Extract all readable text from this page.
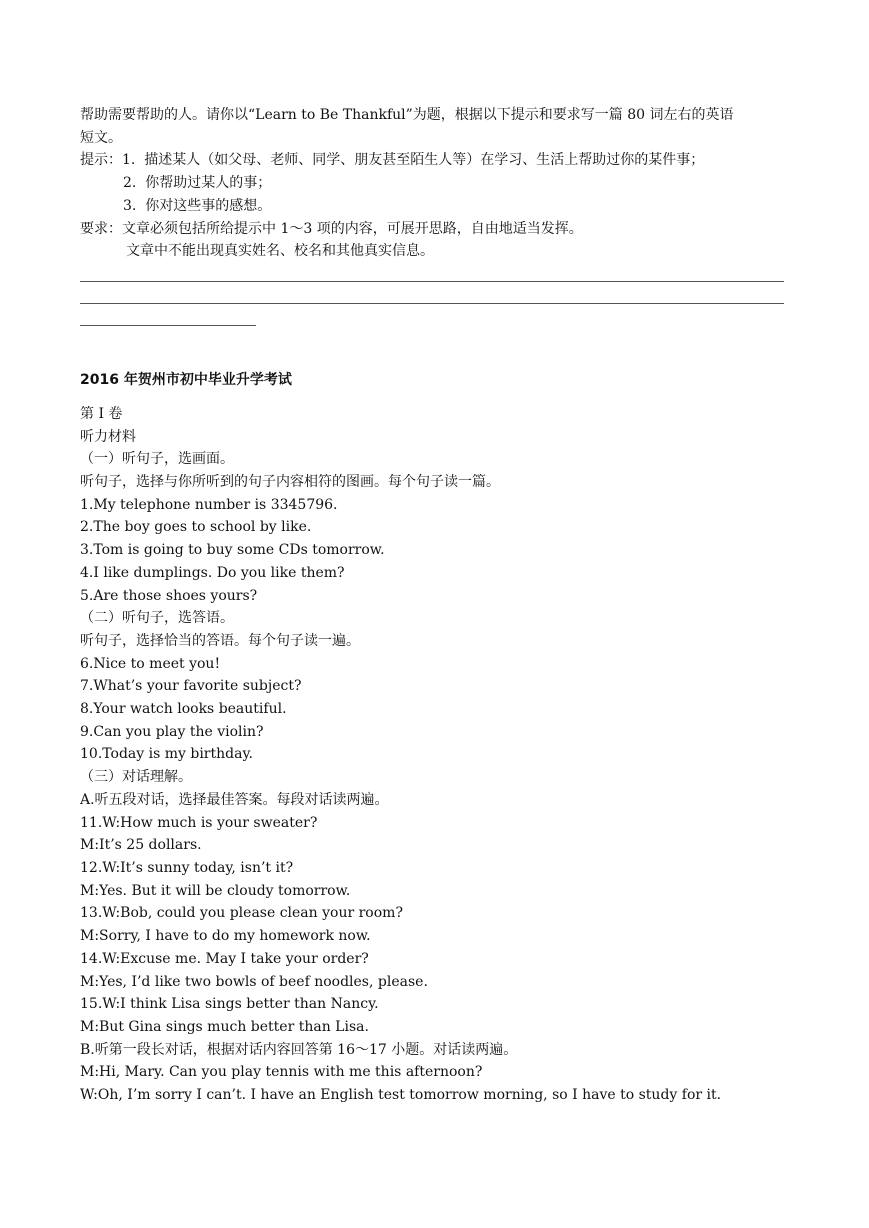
帮助需要帮助的人。请你以“Learn to Be Thankful”为题，根据以下提示和要求写一篇 80 词左右的英语
短文。
提示：1.  描述某人（如父母、老师、同学、朋友甚至陌生人等）在学习、生活上帮助过你的某件事；
2.  你帮助过某人的事；
3.  你对这些事的感想。
要求：文章必须包括所给提示中 1～3 项的内容，可展开思路，自由地适当发挥。
文章中不能出现真实姓名、校名和其他真实信息。
2016 年贺州市初中毕业升学考试
第 I 卷
听力材料
（一）听句子，选画面。
听句子，选择与你所听到的句子内容相符的图画。每个句子读一篇。
1.My telephone number is 3345796.
2.The boy goes to school by like.
3.Tom is going to buy some CDs tomorrow.
4.I like dumplings. Do you like them?
5.Are those shoes yours?
（二）听句子，选答语。
听句子，选择恰当的答语。每个句子读一遍。
6.Nice to meet you!
7.What’s your favorite subject?
8.Your watch looks beautiful.
9.Can you play the violin?
10.Today is my birthday.
（三）对话理解。
A.听五段对话，选择最佳答案。每段对话读两遍。
11.W:How much is your sweater?
M:It’s 25 dollars.
12.W:It’s sunny today, isn’t it?
M:Yes. But it will be cloudy tomorrow.
13.W:Bob, could you please clean your room?
M:Sorry, I have to do my homework now.
14.W:Excuse me. May I take your order?
M:Yes, I’d like two bowls of beef noodles, please.
15.W:I think Lisa sings better than Nancy.
M:But Gina sings much better than Lisa.
B.听第一段长对话，根据对话内容回答第 16～17 小题。对话读两遍。
M:Hi, Mary. Can you play tennis with me this afternoon?
W:Oh, I’m sorry I can’t. I have an English test tomorrow morning, so I have to study for it.
